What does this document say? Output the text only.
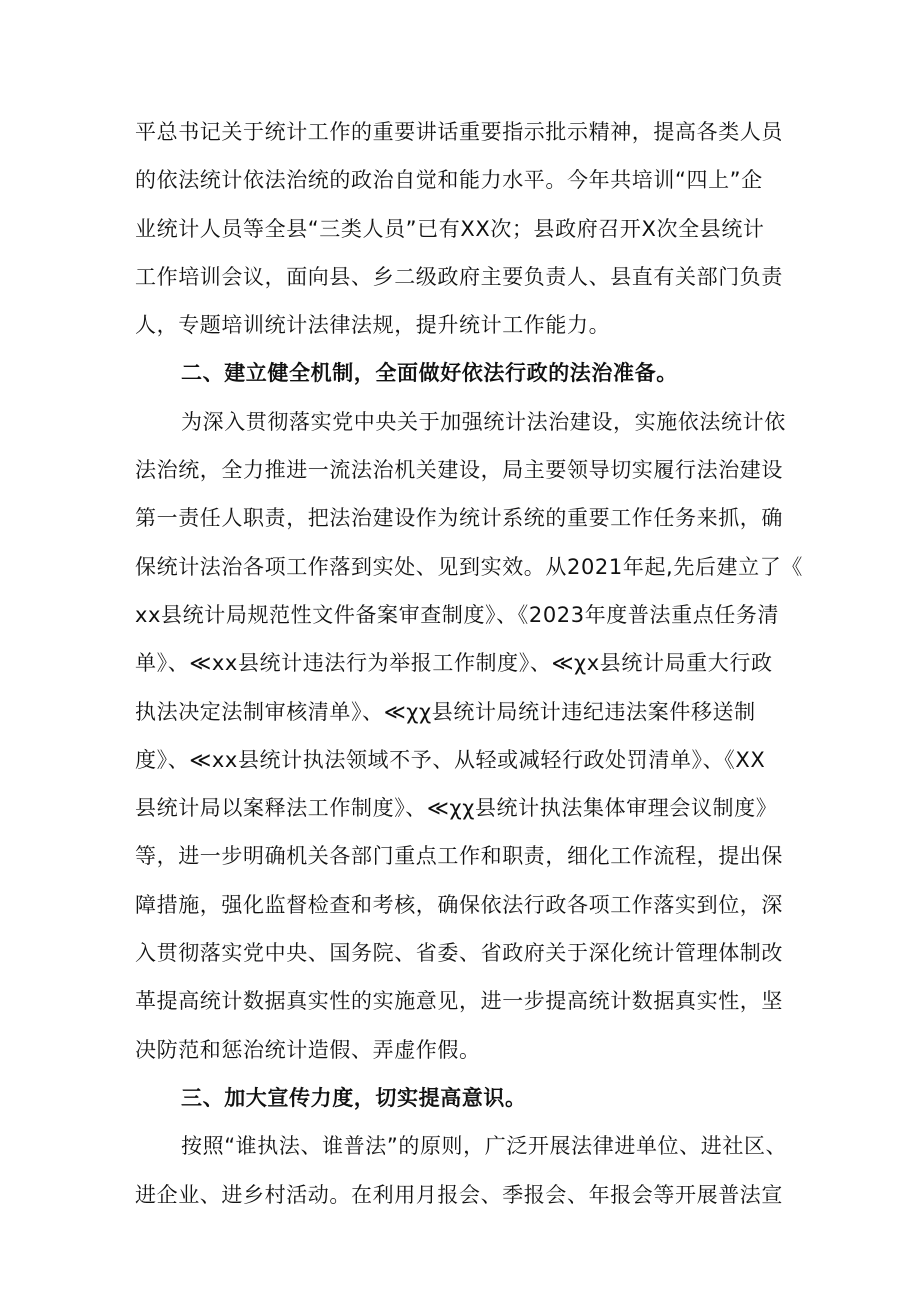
平总书记关于统计工作的重要讲话重要指示批示精神，提高各类人员
的依法统计依法治统的政治自觉和能力水平。今年共培训“四上”企
业统计人员等全县“三类人员”已有XX次；县政府召开X次全县统计
工作培训会议，面向县、乡二级政府主要负责人、县直有关部门负责
人，专题培训统计法律法规，提升统计工作能力。
二、建立健全机制，全面做好依法行政的法治准备。
为深入贯彻落实党中央关于加强统计法治建设，实施依法统计依
法治统，全力推进一流法治机关建设，局主要领导切实履行法治建设
第一责任人职责，把法治建设作为统计系统的重要工作任务来抓，确
保统计法治各项工作落到实处、见到实效。从2021年起,先后建立了《
xx县统计局规范性文件备案审查制度》、《2023年度普法重点任务清
单》、≪xx县统计违法行为举报工作制度》、≪χx县统计局重大行政
执法决定法制审核清单》、≪χχ县统计局统计违纪违法案件移送制
度》、≪xx县统计执法领域不予、从轻或减轻行政处罚清单》、《XX
县统计局以案释法工作制度》、≪χχ县统计执法集体审理会议制度》
等，进一步明确机关各部门重点工作和职责，细化工作流程，提出保
障措施，强化监督检查和考核，确保依法行政各项工作落实到位，深
入贯彻落实党中央、国务院、省委、省政府关于深化统计管理体制改
革提高统计数据真实性的实施意见，进一步提高统计数据真实性，坚
决防范和惩治统计造假、弄虚作假。
三、加大宣传力度，切实提高意识。
按照“谁执法、谁普法”的原则，广泛开展法律进单位、进社区、
进企业、进乡村活动。在利用月报会、季报会、年报会等开展普法宣
